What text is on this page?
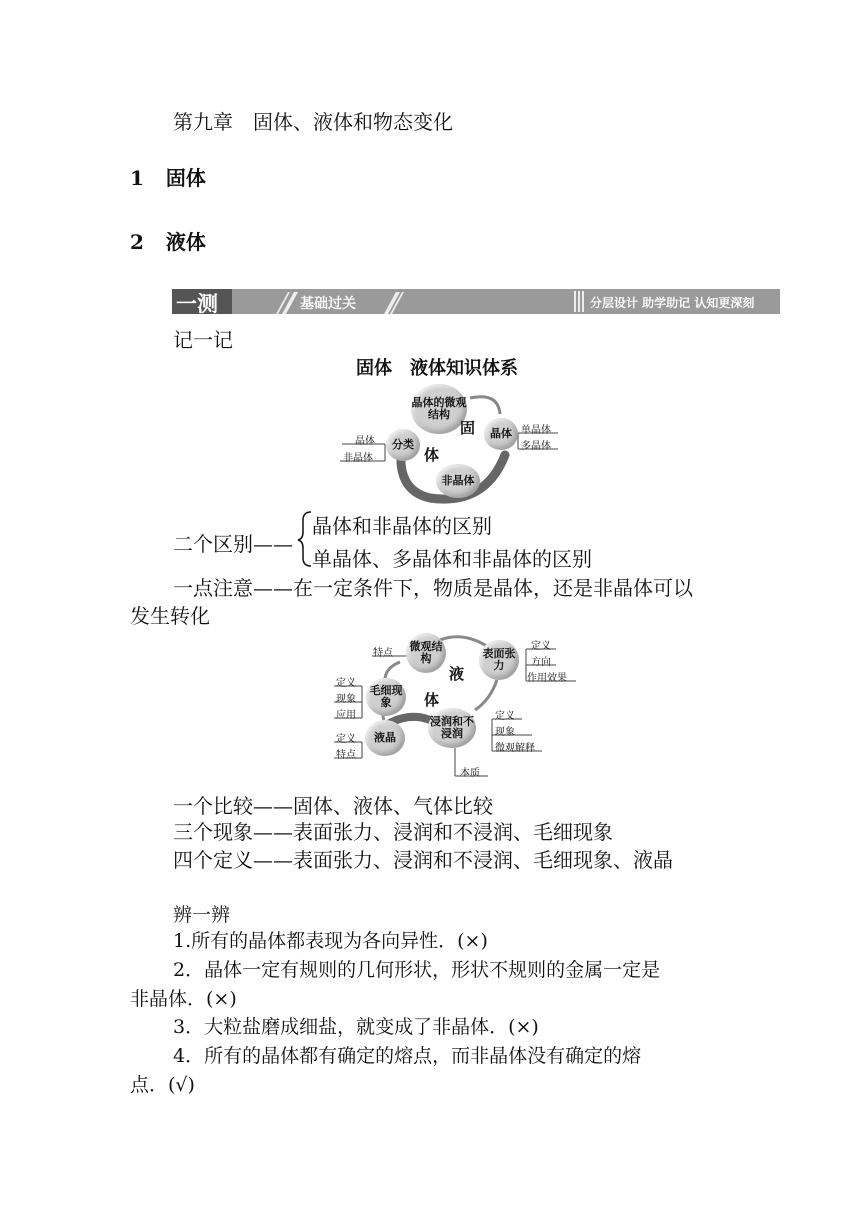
第九章　固体、液体和物态变化
1 固体
2 液体
一测	基础过关	分层设计 助学助记 认知更深刻
记一记
固体　液体知识体系
晶体的微观结构
分类
晶体
非晶体
固
体
晶体
非晶体
单晶体
多晶体
二个区别——
晶体和非晶体的区别
单晶体、多晶体和非晶体的区别
一点注意——在一定条件下，物质是晶体，还是非晶体可以
发生转化
微观结构	表面张力
毛细现象
液晶
浸润和不浸润
液
体
特点
定义
方向
作用效果
定义
现象
应用
定义
特点
定义
现象
微观解释
本质
一个比较——固体、液体、气体比较
三个现象——表面张力、浸润和不浸润、毛细现象
四个定义——表面张力、浸润和不浸润、毛细现象、液晶
辨一辨
1.所有的晶体都表现为各向异性．(×)
2．晶体一定有规则的几何形状，形状不规则的金属一定是
非晶体．(×)
3．大粒盐磨成细盐，就变成了非晶体．(×)
4．所有的晶体都有确定的熔点，而非晶体没有确定的熔
点．(√)
